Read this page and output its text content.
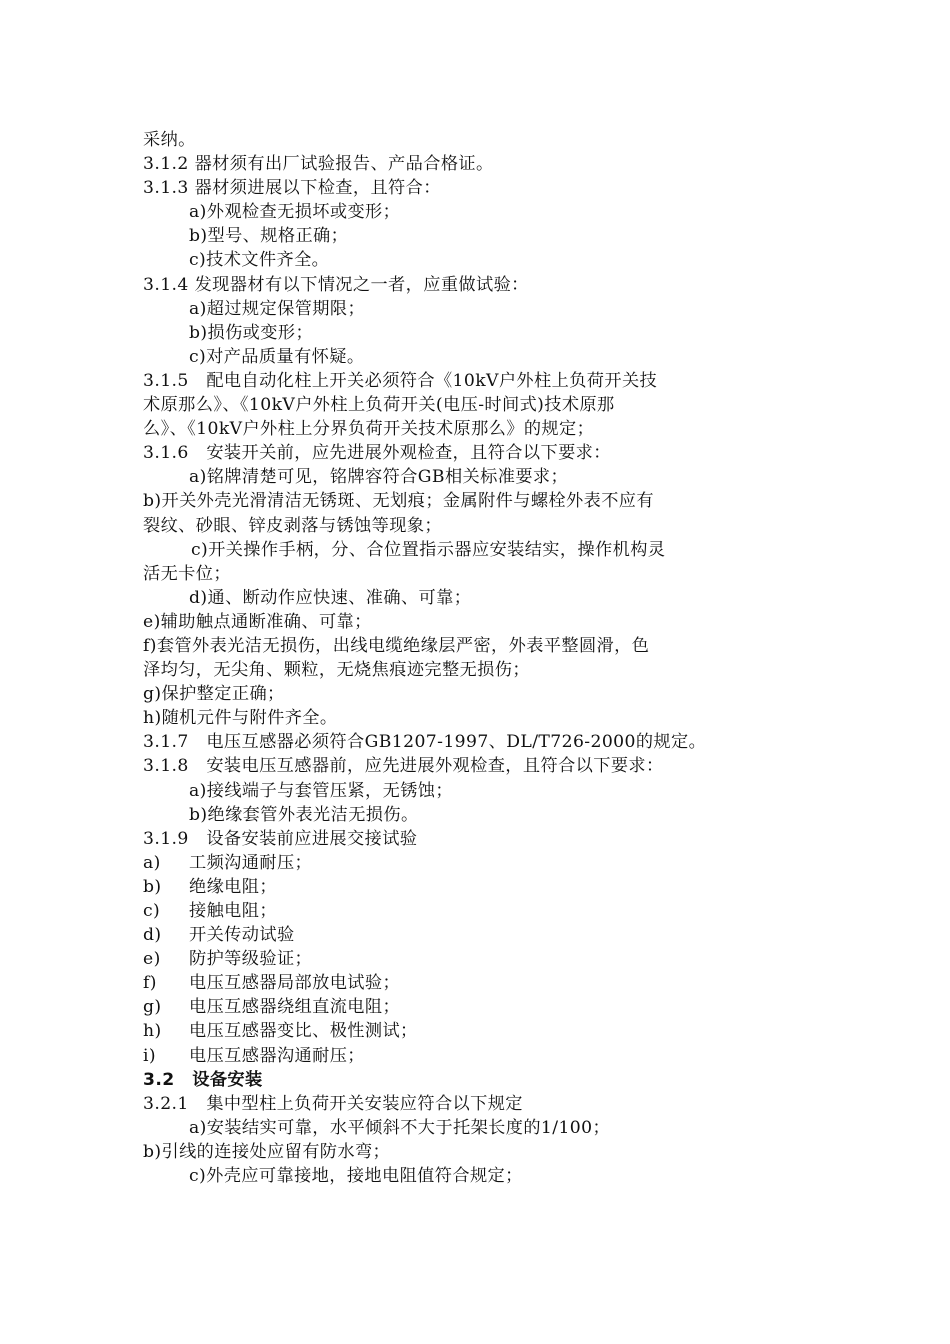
采纳。
3.1.2 器材须有出厂试验报告、产品合格证。
3.1.3 器材须进展以下检查，且符合：
a)外观检查无损坏或变形；
b)型号、规格正确；
c)技术文件齐全。
3.1.4 发现器材有以下情况之一者，应重做试验：
a)超过规定保管期限；
b)损伤或变形；
c)对产品质量有怀疑。
3.1.5　配电自动化柱上开关必须符合《10kV户外柱上负荷开关技
术原那么》、《10kV户外柱上负荷开关(电压-时间式)技术原那
么》、《10kV户外柱上分界负荷开关技术原那么》的规定；
3.1.6　安装开关前，应先进展外观检查，且符合以下要求：
a)铭牌清楚可见，铭牌容符合GB相关标准要求；
b)开关外壳光滑清洁无锈斑、无划痕；金属附件与螺栓外表不应有
裂纹、砂眼、锌皮剥落与锈蚀等现象；
c)开关操作手柄，分、合位置指示器应安装结实，操作机构灵
活无卡位；
d)通、断动作应快速、准确、可靠；
e)辅助触点通断准确、可靠；
f)套管外表光洁无损伤，出线电缆绝缘层严密，外表平整圆滑，色
泽均匀，无尖角、颗粒，无烧焦痕迹完整无损伤；
g)保护整定正确；
h)随机元件与附件齐全。
3.1.7　电压互感器必须符合GB1207-1997、DL/T726-2000的规定。
3.1.8　安装电压互感器前，应先进展外观检查，且符合以下要求：
a)接线端子与套管压紧，无锈蚀；
b)绝缘套管外表光洁无损伤。
3.1.9　设备安装前应进展交接试验
a)	工频沟通耐压；
b)	绝缘电阻；
c)	接触电阻；
d)	开关传动试验
e)	防护等级验证；
f)	电压互感器局部放电试验；
g)	电压互感器绕组直流电阻；
h)	电压互感器变比、极性测试；
i)	电压互感器沟通耐压；
3.2　设备安装
3.2.1　集中型柱上负荷开关安装应符合以下规定
a)安装结实可靠，水平倾斜不大于托架长度的1/100；
b)引线的连接处应留有防水弯；
c)外壳应可靠接地，接地电阻值符合规定；
